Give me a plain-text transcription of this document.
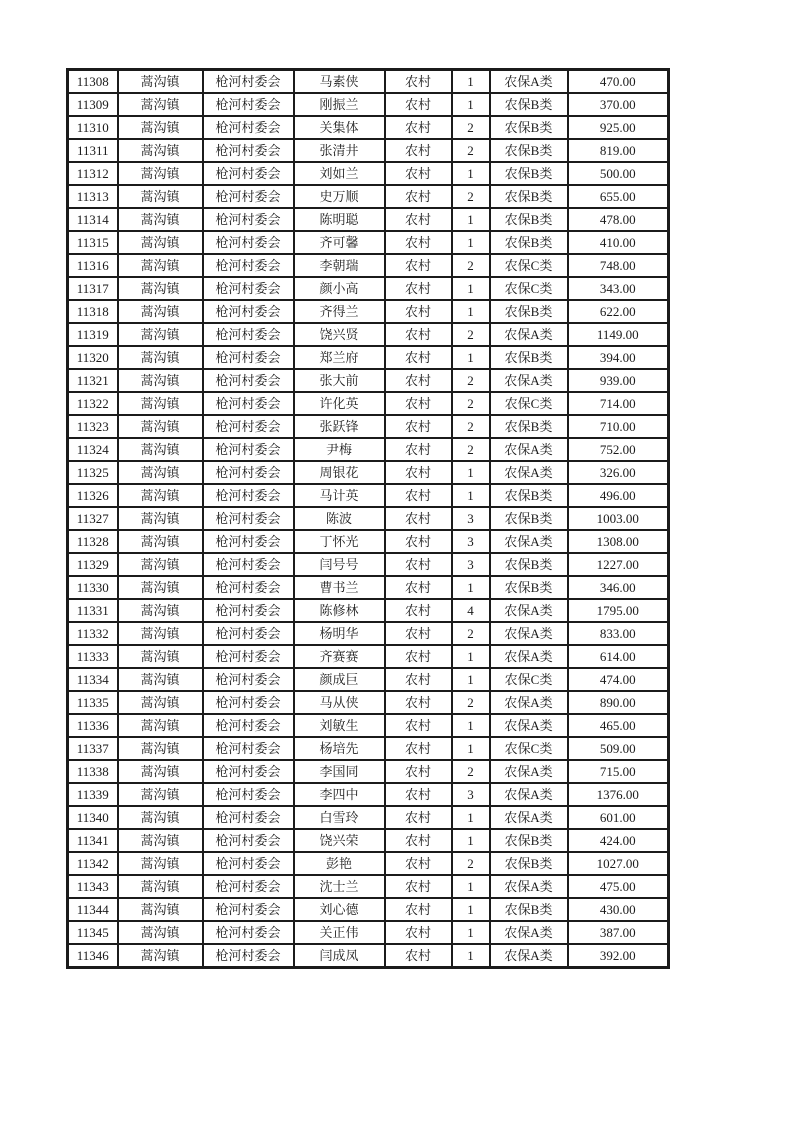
11308	蒿沟镇	枪河村委会	马素侠	农村	1	农保A类	470.00
11309	蒿沟镇	枪河村委会	刚振兰	农村	1	农保B类	370.00
11310	蒿沟镇	枪河村委会	关集体	农村	2	农保B类	925.00
11311	蒿沟镇	枪河村委会	张清井	农村	2	农保B类	819.00
11312	蒿沟镇	枪河村委会	刘如兰	农村	1	农保B类	500.00
11313	蒿沟镇	枪河村委会	史万顺	农村	2	农保B类	655.00
11314	蒿沟镇	枪河村委会	陈明聪	农村	1	农保B类	478.00
11315	蒿沟镇	枪河村委会	齐可馨	农村	1	农保B类	410.00
11316	蒿沟镇	枪河村委会	李朝瑞	农村	2	农保C类	748.00
11317	蒿沟镇	枪河村委会	颜小高	农村	1	农保C类	343.00
11318	蒿沟镇	枪河村委会	齐得兰	农村	1	农保B类	622.00
11319	蒿沟镇	枪河村委会	饶兴贤	农村	2	农保A类	1149.00
11320	蒿沟镇	枪河村委会	郑兰府	农村	1	农保B类	394.00
11321	蒿沟镇	枪河村委会	张大前	农村	2	农保A类	939.00
11322	蒿沟镇	枪河村委会	许化英	农村	2	农保C类	714.00
11323	蒿沟镇	枪河村委会	张跃锋	农村	2	农保B类	710.00
11324	蒿沟镇	枪河村委会	尹梅	农村	2	农保A类	752.00
11325	蒿沟镇	枪河村委会	周银花	农村	1	农保A类	326.00
11326	蒿沟镇	枪河村委会	马计英	农村	1	农保B类	496.00
11327	蒿沟镇	枪河村委会	陈波	农村	3	农保B类	1003.00
11328	蒿沟镇	枪河村委会	丁怀光	农村	3	农保A类	1308.00
11329	蒿沟镇	枪河村委会	闫号号	农村	3	农保B类	1227.00
11330	蒿沟镇	枪河村委会	曹书兰	农村	1	农保B类	346.00
11331	蒿沟镇	枪河村委会	陈修林	农村	4	农保A类	1795.00
11332	蒿沟镇	枪河村委会	杨明华	农村	2	农保A类	833.00
11333	蒿沟镇	枪河村委会	齐赛赛	农村	1	农保A类	614.00
11334	蒿沟镇	枪河村委会	颜成巨	农村	1	农保C类	474.00
11335	蒿沟镇	枪河村委会	马从侠	农村	2	农保A类	890.00
11336	蒿沟镇	枪河村委会	刘敏生	农村	1	农保A类	465.00
11337	蒿沟镇	枪河村委会	杨培先	农村	1	农保C类	509.00
11338	蒿沟镇	枪河村委会	李国同	农村	2	农保A类	715.00
11339	蒿沟镇	枪河村委会	李四中	农村	3	农保A类	1376.00
11340	蒿沟镇	枪河村委会	白雪玲	农村	1	农保A类	601.00
11341	蒿沟镇	枪河村委会	饶兴荣	农村	1	农保B类	424.00
11342	蒿沟镇	枪河村委会	彭艳	农村	2	农保B类	1027.00
11343	蒿沟镇	枪河村委会	沈士兰	农村	1	农保A类	475.00
11344	蒿沟镇	枪河村委会	刘心德	农村	1	农保B类	430.00
11345	蒿沟镇	枪河村委会	关正伟	农村	1	农保A类	387.00
11346	蒿沟镇	枪河村委会	闫成凤	农村	1	农保A类	392.00
